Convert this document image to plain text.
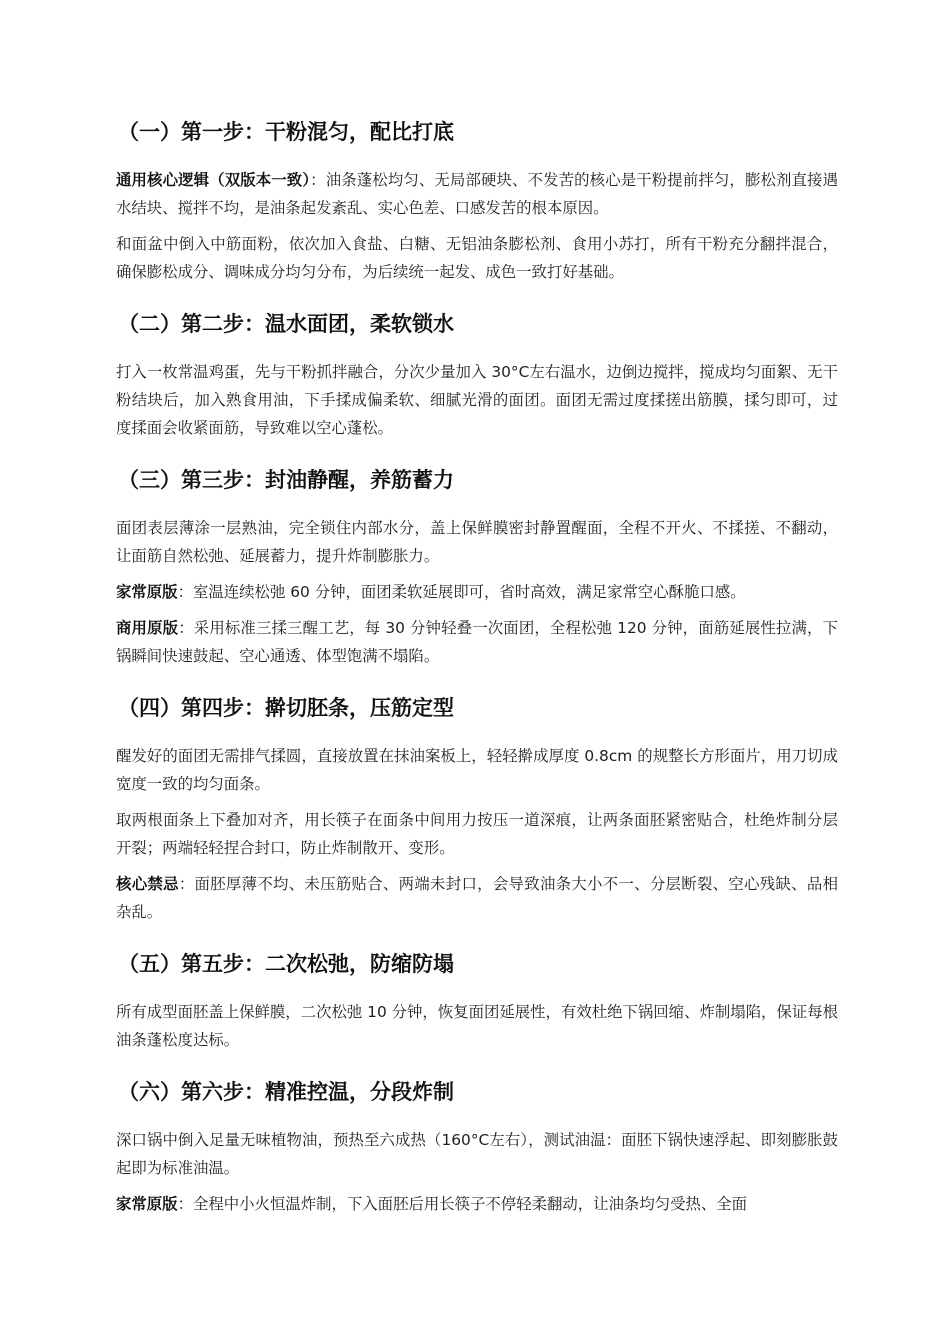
（一）第一步：干粉混匀，配比打底

通用核心逻辑（双版本一致）：油条蓬松均匀、无局部硬块、不发苦的核心是干粉提前拌匀，膨松剂直接遇水结块、搅拌不均，是油条起发紊乱、实心色差、口感发苦的根本原因。

和面盆中倒入中筋面粉，依次加入食盐、白糖、无铝油条膨松剂、食用小苏打，所有干粉充分翻拌混合，确保膨松成分、调味成分均匀分布，为后续统一起发、成色一致打好基础。

（二）第二步：温水面团，柔软锁水

打入一枚常温鸡蛋，先与干粉抓拌融合，分次少量加入 30°C左右温水，边倒边搅拌，搅成均匀面絮、无干粉结块后，加入熟食用油，下手揉成偏柔软、细腻光滑的面团。面团无需过度揉搓出筋膜，揉匀即可，过度揉面会收紧面筋，导致难以空心蓬松。

（三）第三步：封油静醒，养筋蓄力

面团表层薄涂一层熟油，完全锁住内部水分，盖上保鲜膜密封静置醒面，全程不开火、不揉搓、不翻动，让面筋自然松弛、延展蓄力，提升炸制膨胀力。

家常原版：室温连续松弛 60 分钟，面团柔软延展即可，省时高效，满足家常空心酥脆口感。

商用原版：采用标准三揉三醒工艺，每 30 分钟轻叠一次面团，全程松弛 120 分钟，面筋延展性拉满，下锅瞬间快速鼓起、空心通透、体型饱满不塌陷。

（四）第四步：擀切胚条，压筋定型

醒发好的面团无需排气揉圆，直接放置在抹油案板上，轻轻擀成厚度 0.8cm 的规整长方形面片，用刀切成宽度一致的均匀面条。

取两根面条上下叠加对齐，用长筷子在面条中间用力按压一道深痕，让两条面胚紧密贴合，杜绝炸制分层开裂；两端轻轻捏合封口，防止炸制散开、变形。

核心禁忌：面胚厚薄不均、未压筋贴合、两端未封口，会导致油条大小不一、分层断裂、空心残缺、品相杂乱。

（五）第五步：二次松弛，防缩防塌

所有成型面胚盖上保鲜膜，二次松弛 10 分钟，恢复面团延展性，有效杜绝下锅回缩、炸制塌陷，保证每根油条蓬松度达标。

（六）第六步：精准控温，分段炸制

深口锅中倒入足量无味植物油，预热至六成热（160°C左右），测试油温：面胚下锅快速浮起、即刻膨胀鼓起即为标准油温。

家常原版：全程中小火恒温炸制，下入面胚后用长筷子不停轻柔翻动，让油条均匀受热、全面
